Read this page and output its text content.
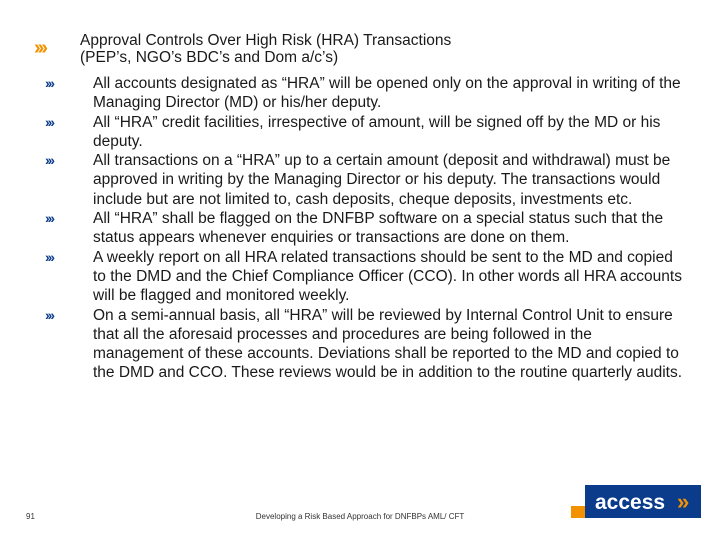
››› Approval Controls Over High Risk (HRA) Transactions
(PEP’s, NGO’s BDC’s and Dom a/c’s)
›››	All accounts designated as “HRA” will be opened only on the approval in writing of the Managing Director (MD) or his/her deputy.
›››	All “HRA” credit facilities, irrespective of amount, will be signed off by the MD or his deputy.
›››	All transactions on a “HRA” up to a certain amount (deposit and withdrawal) must be approved in writing by the Managing Director or his deputy. The transactions would include but are not limited to, cash deposits, cheque deposits, investments etc.
›››	All “HRA” shall be flagged on the DNFBP software on a special status such that the status appears whenever enquiries or transactions are done on them.
›››	A weekly report on all HRA related transactions should be sent to the MD and copied to the DMD and the Chief Compliance Officer (CCO). In other words all HRA accounts will be flagged and monitored weekly.
›››	On a semi-annual basis, all “HRA” will be reviewed by Internal Control Unit to ensure that all the aforesaid processes and procedures are being followed in the management of these accounts. Deviations shall be reported to the MD and copied to the DMD and CCO. These reviews would be in addition to the routine quarterly audits.
91	Developing a Risk Based Approach for DNFBPs AML/ CFT
access »
